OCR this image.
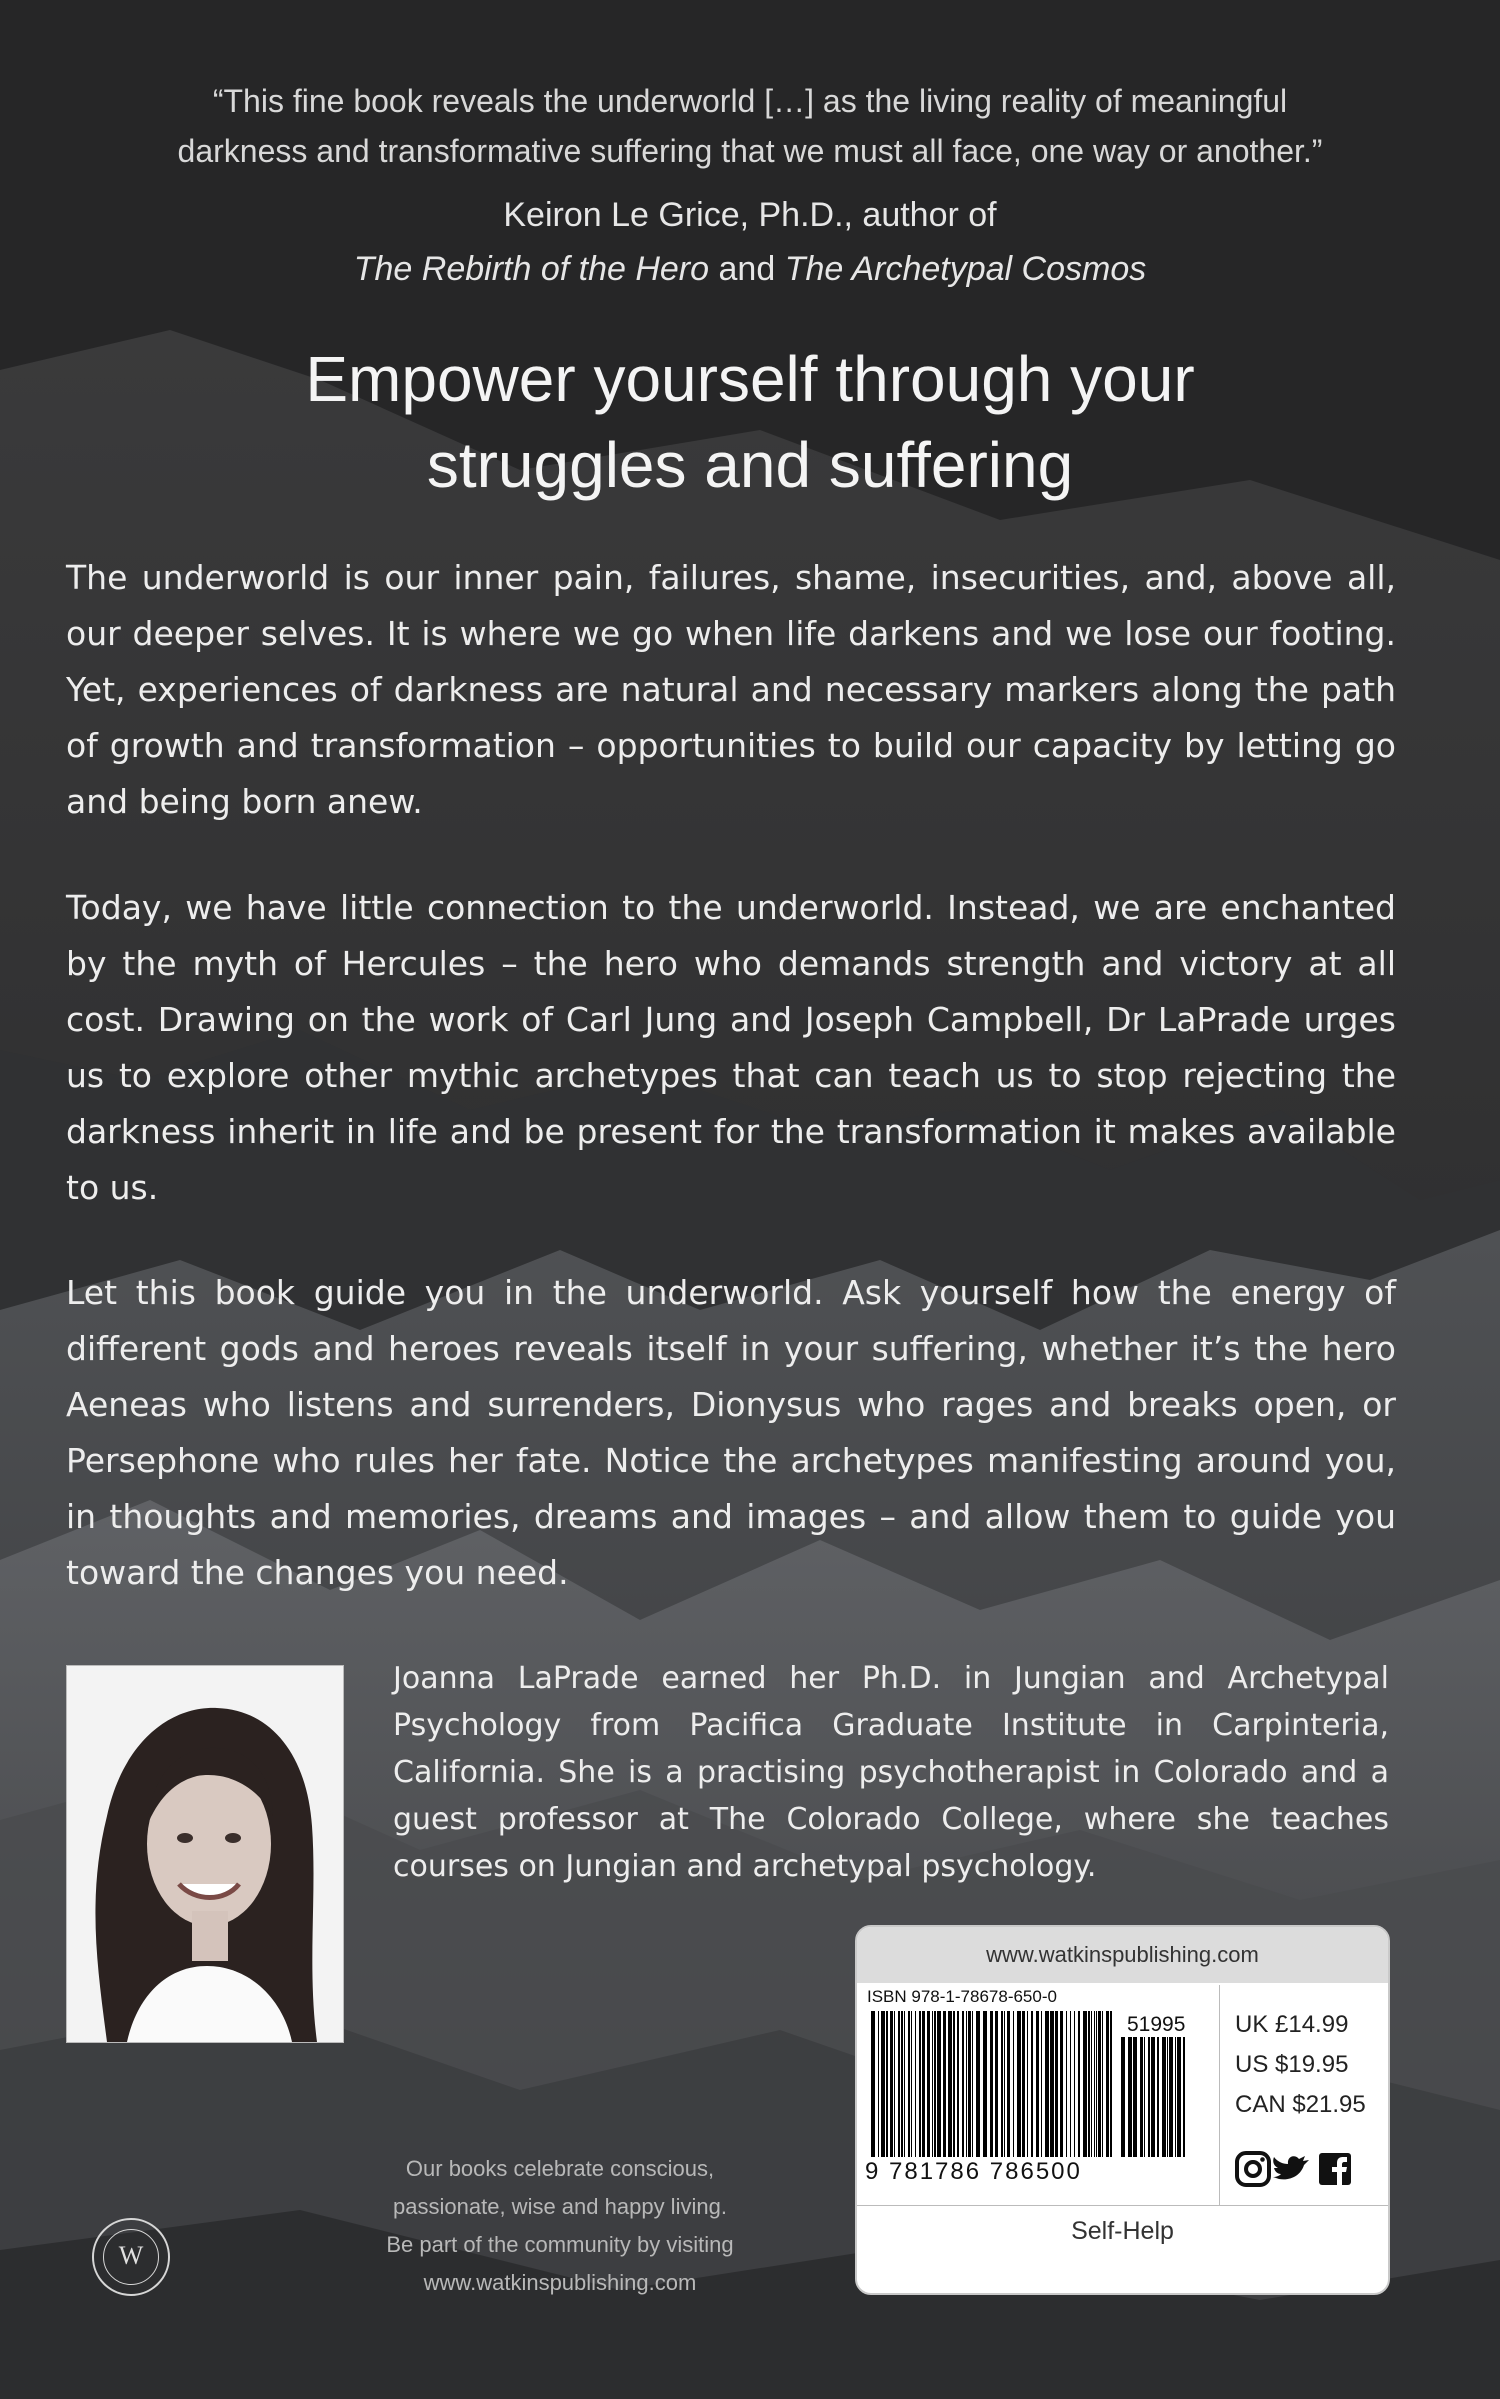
“This fine book reveals the underworld […] as the living reality of meaningful
darkness and transformative suffering that we must all face, one way or another.”
Keiron Le Grice, Ph.D., author of
The Rebirth of the Hero and The Archetypal Cosmos
Empower yourself through your
struggles and suffering
The underworld is our inner pain, failures, shame, insecurities, and, above all, our deeper selves. It is where we go when life darkens and we lose our footing. Yet, experiences of darkness are natural and necessary markers along the path of growth and transformation – opportunities to build our capacity by letting go and being born anew.
Today, we have little connection to the underworld. Instead, we are enchanted by the myth of Hercules – the hero who demands strength and victory at all cost. Drawing on the work of Carl Jung and Joseph Campbell, Dr LaPrade urges us to explore other mythic archetypes that can teach us to stop rejecting the darkness inherit in life and be present for the transformation it makes available to us.
Let this book guide you in the underworld. Ask yourself how the energy of different gods and heroes reveals itself in your suffering, whether it’s the hero Aeneas who listens and surrenders, Dionysus who rages and breaks open, or Persephone who rules her fate. Notice the archetypes manifesting around you, in thoughts and memories, dreams and images – and allow them to guide you toward the changes you need.
Joanna LaPrade earned her Ph.D. in Jungian and Archetypal Psychology from Pacifica Graduate Institute in Carpinteria, California. She is a practising psychotherapist in Colorado and a guest professor at The Colorado College, where she teaches courses on Jungian and archetypal psychology.
W
Our books celebrate conscious,
passionate, wise and happy living.
Be part of the community by visiting
www.watkinspublishing.com
www.watkinspublishing.com
ISBN 978-1-78678-650-0
51995
9 781786 786500
UK £14.99
US $19.95
CAN $21.95
Self-Help
